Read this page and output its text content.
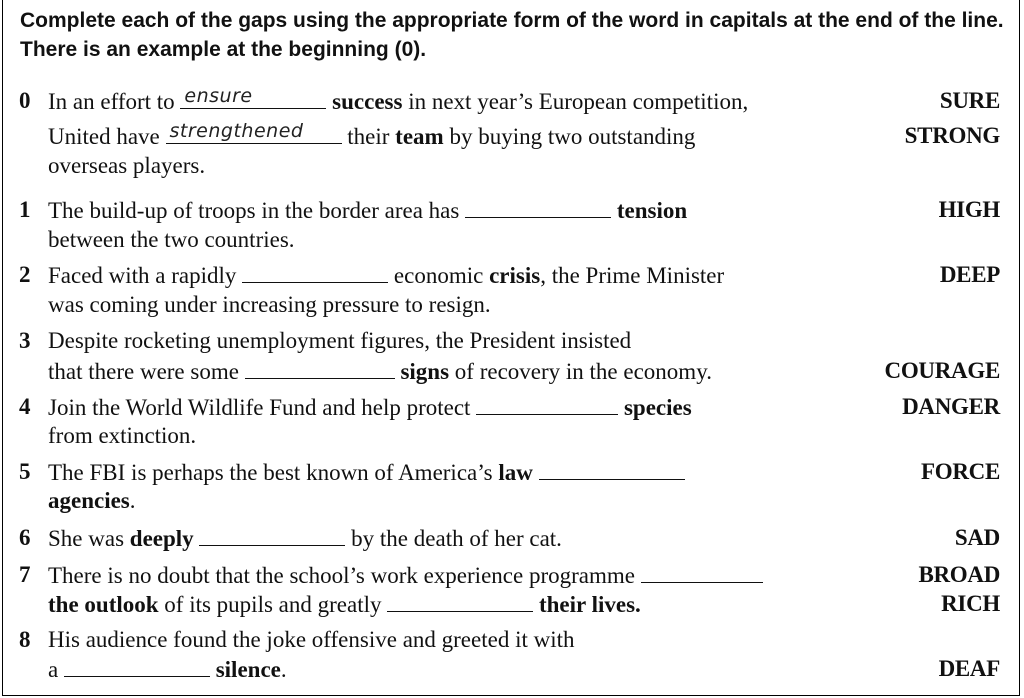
Complete each of the gaps using the appropriate form of the word in capitals at the end of the line. There is an example at the beginning (0).
0 In an effort to ensure	success in next year’s European competition,	SURE
United have strengthened their team by buying two outstanding	STRONG
overseas players.
1 The build-up of troops in the border area has	tension	HIGH
between the two countries.
2 Faced with a rapidly	economic crisis, the Prime Minister	DEEP
was coming under increasing pressure to resign.
3 Despite rocketing unemployment figures, the President insisted
that there were some	signs of recovery in the economy.	COURAGE
4 Join the World Wildlife Fund and help protect	species	DANGER
from extinction.
5 The FBI is perhaps the best known of America’s law	FORCE
agencies.
6 She was deeply	by the death of her cat.	SAD
7 There is no doubt that the school’s work experience programme	BROAD
the outlook of its pupils and greatly	their lives.	RICH
8 His audience found the joke offensive and greeted it with
a	silence.	DEAF
